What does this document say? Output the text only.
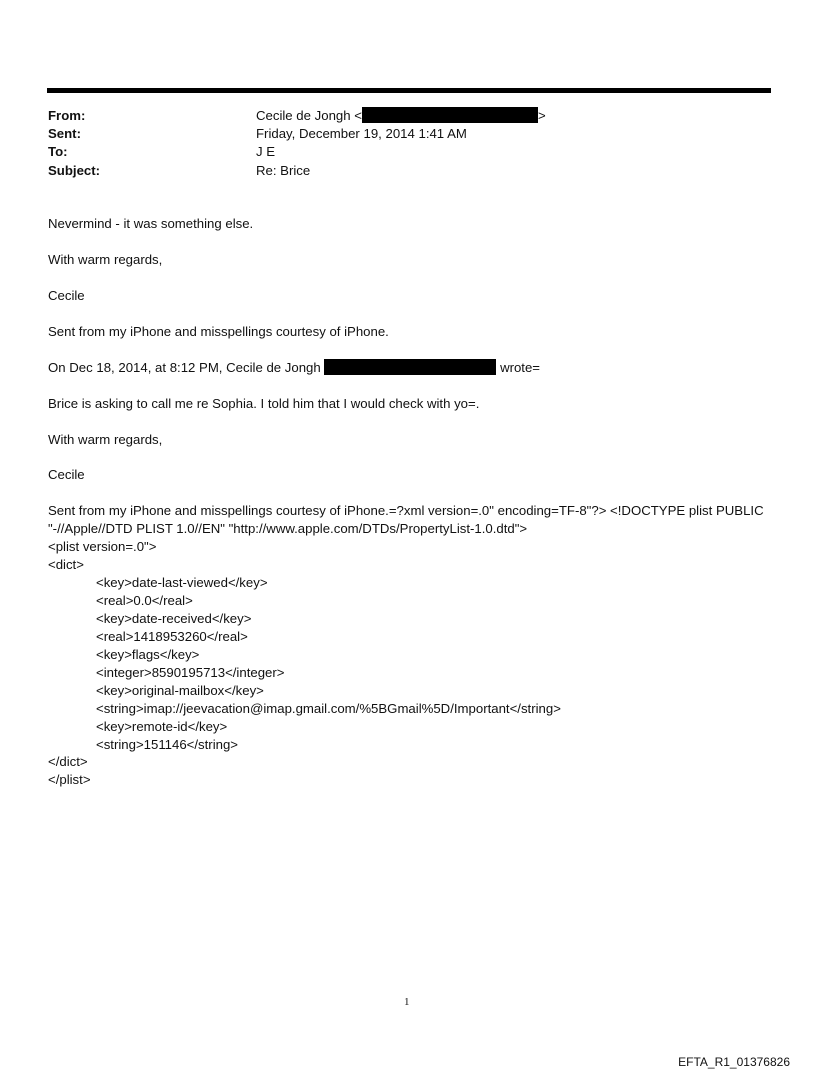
From:	Cecile de Jongh <	>
Sent:	Friday, December 19, 2014 1:41 AM
To:	J E
Subject:	Re: Brice
Nevermind - it was something else.
With warm regards,
Cecile
Sent from my iPhone and misspellings courtesy of iPhone.
On Dec 18, 2014, at 8:12 PM, Cecile de Jongh	wrote=
Brice is asking to call me re Sophia. I told him that I would check with yo=.
With warm regards,
Cecile
Sent from my iPhone and misspellings courtesy of iPhone.=?xml version=.0" encoding=TF-8"?> <!DOCTYPE plist PUBLIC
"-//Apple//DTD PLIST 1.0//EN" "http://www.apple.com/DTDs/PropertyList-1.0.dtd">
<plist version=.0">
<dict>
<key>date-last-viewed</key>
<real>0.0</real>
<key>date-received</key>
<real>1418953260</real>
<key>flags</key>
<integer>8590195713</integer>
<key>original-mailbox</key>
<string>imap://jeevacation@imap.gmail.com/%5BGmail%5D/Important</string>
<key>remote-id</key>
<string>151146</string>
</dict>
</plist>
1
EFTA_R1_01376826
